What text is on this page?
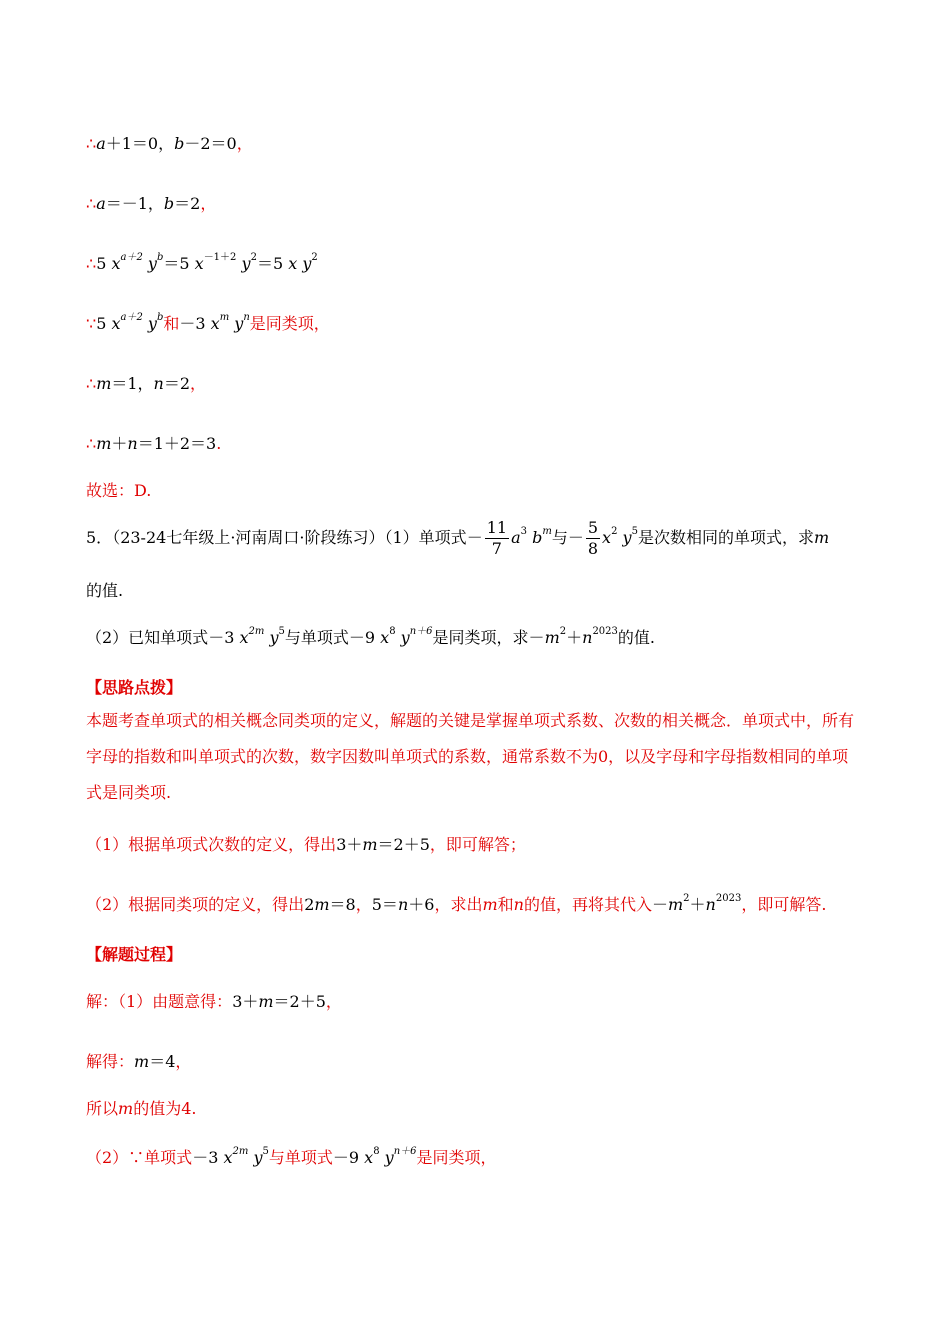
∴a＋1＝0，b－2＝0，
∴a＝－1，b＝2，
∴5 $x^{a+2}$ $y^b=5$ $x^{-1+2}$ $y^2=5$ x $y^2$
∵5 $x^{a+2}$ $y^b$和－3 $x^m$ $y^n$是同类项，
∴m＝1，n＝2，
∴m＋n＝1＋2＝3.
故选：D.
5．（23-24七年级上·河南周口·阶段练习）（1）单项式－ $\frac{11}{7} a^3$ $b^m$与－ $\frac{5}{8} x^2$ $y^5$是次数相同的单项式，求m
的值.
（2）已知单项式－3 $x^{2m}$ $y^5$与单项式－9 $x^8$ $y^{n+6}$是同类项，求$-m^2+n^{2023}$的值.
【思路点拨】
本题考查单项式的相关概念同类项的定义，解题的关键是掌握单项式系数、次数的相关概念．单项式中，所有字母的指数和叫单项式的次数，数字因数叫单项式的系数，通常系数不为0，以及字母和字母指数相同的单项式是同类项.
（1）根据单项式次数的定义，得出3＋m＝2＋5，即可解答；
（2）根据同类项的定义，得出2m＝8，5＝n＋6，求出m和n的值，再将其代入$-m^2+n^{2023}$，即可解答.
【解题过程】
解：（1）由题意得：3＋m＝2＋5，
解得：m＝4，
所以m的值为4.
（2）∵单项式－3 $x^{2m}$ $y^5$与单项式－9 $x^8$ $y^{n+6}$是同类项，
